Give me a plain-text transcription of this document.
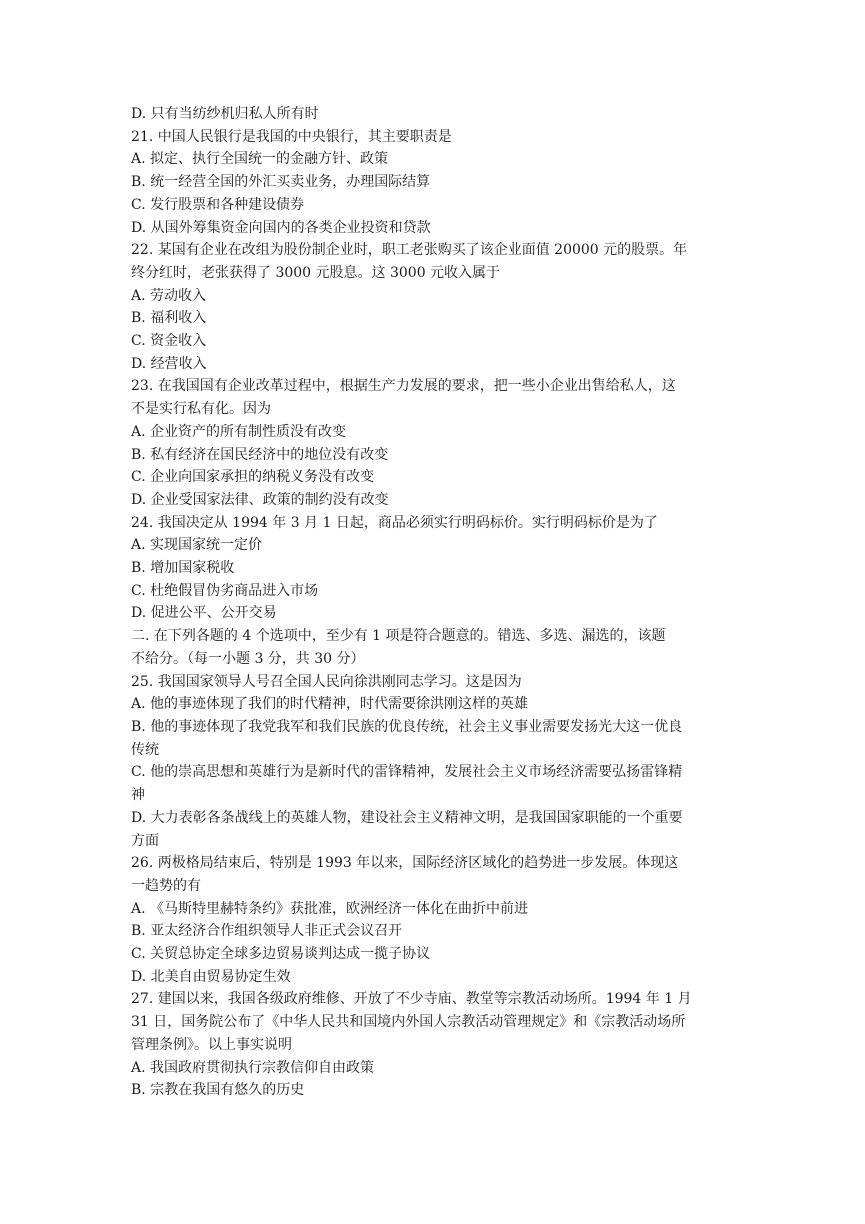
D. 只有当纺纱机归私人所有时
21. 中国人民银行是我国的中央银行，其主要职责是
A. 拟定、执行全国统一的金融方针、政策
B. 统一经营全国的外汇买卖业务，办理国际结算
C. 发行股票和各种建设债券
D. 从国外筹集资金向国内的各类企业投资和贷款
22. 某国有企业在改组为股份制企业时，职工老张购买了该企业面值 20000 元的股票。年
终分红时，老张获得了 3000 元股息。这 3000 元收入属于
A. 劳动收入
B. 福利收入
C. 资金收入
D. 经营收入
23. 在我国国有企业改革过程中，根据生产力发展的要求，把一些小企业出售给私人，这
不是实行私有化。因为
A. 企业资产的所有制性质没有改变
B. 私有经济在国民经济中的地位没有改变
C. 企业向国家承担的纳税义务没有改变
D. 企业受国家法律、政策的制约没有改变
24. 我国决定从 1994 年 3 月 1 日起，商品必须实行明码标价。实行明码标价是为了
A. 实现国家统一定价
B. 增加国家税收
C. 杜绝假冒伪劣商品进入市场
D. 促进公平、公开交易
二. 在下列各题的 4 个选项中，至少有 1 项是符合题意的。错选、多选、漏选的，该题
不给分。（每一小题 3 分，共 30 分）
25. 我国国家领导人号召全国人民向徐洪刚同志学习。这是因为
A. 他的事迹体现了我们的时代精神，时代需要徐洪刚这样的英雄
B. 他的事迹体现了我党我军和我们民族的优良传统，社会主义事业需要发扬光大这一优良
传统
C. 他的崇高思想和英雄行为是新时代的雷锋精神，发展社会主义市场经济需要弘扬雷锋精
神
D. 大力表彰各条战线上的英雄人物，建设社会主义精神文明，是我国国家职能的一个重要
方面
26. 两极格局结束后，特别是 1993 年以来，国际经济区域化的趋势进一步发展。体现这
一趋势的有
A. 《马斯特里赫特条约》获批准，欧洲经济一体化在曲折中前进
B. 亚太经济合作组织领导人非正式会议召开
C. 关贸总协定全球多边贸易谈判达成一揽子协议
D. 北美自由贸易协定生效
27. 建国以来，我国各级政府维修、开放了不少寺庙、教堂等宗教活动场所。1994 年 1 月
31 日，国务院公布了《中华人民共和国境内外国人宗教活动管理规定》和《宗教活动场所
管理条例》。以上事实说明
A. 我国政府贯彻执行宗教信仰自由政策
B. 宗教在我国有悠久的历史
